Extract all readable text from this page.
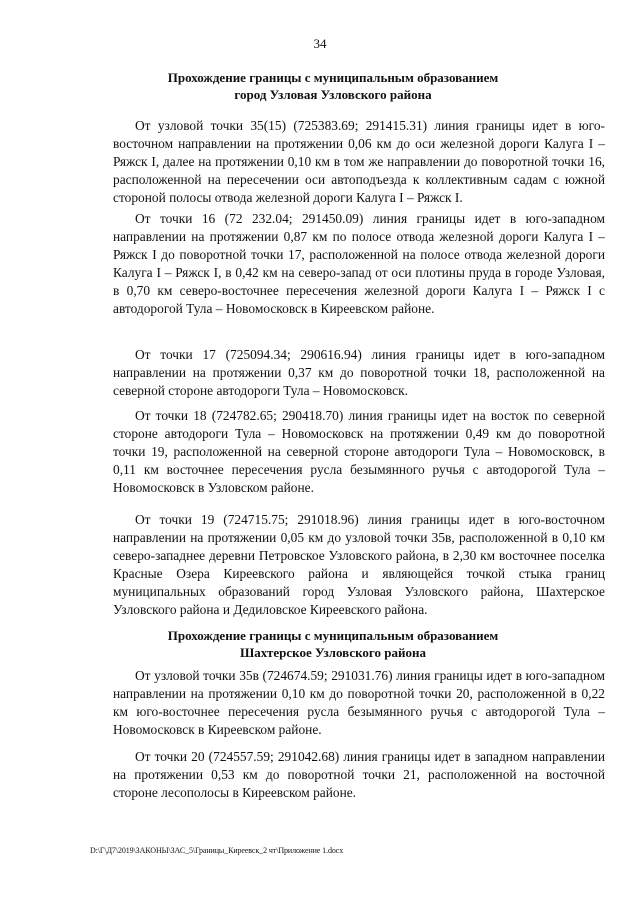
34
Прохождение границы с муниципальным образованием
город Узловая Узловского района

От узловой точки 35(15) (725383.69; 291415.31) линия границы идет в юго-восточном направлении на протяжении 0,06 км до оси железной дороги Калуга I – Ряжск I, далее на протяжении 0,10 км в том же направлении до поворотной точки 16, расположенной на пересечении оси автоподъезда к коллективным садам с южной стороной полосы отвода железной дороги Калуга I – Ряжск I.

От точки 16 (72 232.04; 291450.09) линия границы идет в юго-западном направлении на протяжении 0,87 км по полосе отвода железной дороги Калуга I – Ряжск I до поворотной точки 17, расположенной на полосе отвода железной дороги Калуга I – Ряжск I, в 0,42 км на северо-запад от оси плотины пруда в городе Узловая, в 0,70 км северо-восточнее пересечения железной дороги Калуга I – Ряжск I с автодорогой Тула – Новомосковск в Киреевском районе.

От точки 17 (725094.34; 290616.94) линия границы идет в юго-западном направлении на протяжении 0,37 км до поворотной точки 18, расположенной на северной стороне автодороги Тула – Новомосковск.

От точки 18 (724782.65; 290418.70) линия границы идет на восток по северной стороне автодороги Тула – Новомосковск на протяжении 0,49 км до поворотной точки 19, расположенной на северной стороне автодороги Тула – Новомосковск, в 0,11 км восточнее пересечения русла безымянного ручья с автодорогой Тула – Новомосковск в Узловском районе.

От точки 19 (724715.75; 291018.96) линия границы идет в юго-восточном направлении на протяжении 0,05 км до узловой точки 35в, расположенной в 0,10 км северо-западнее деревни Петровское Узловского района, в 2,30 км восточнее поселка Красные Озера Киреевского района и являющейся точкой стыка границ муниципальных образований город Узловая Узловского района, Шахтерское Узловского района и Дедиловское Киреевского района.

Прохождение границы с муниципальным образованием
Шахтерское Узловского района

От узловой точки 35в (724674.59; 291031.76) линия границы идет в юго-западном направлении на протяжении 0,10 км до поворотной точки 20, расположенной в 0,22 км юго-восточнее пересечения русла безымянного ручья с автодорогой Тула – Новомосковск в Киреевском районе.

От точки 20 (724557.59; 291042.68) линия границы идет в западном направлении на протяжении 0,53 км до поворотной точки 21, расположенной на восточной стороне лесополосы в Киреевском районе.

D:\Г\Д7\2019\ЗАКОНЫ\ЗАС_5\Границы_Киреевск_2 чт\Приложение 1.docx
